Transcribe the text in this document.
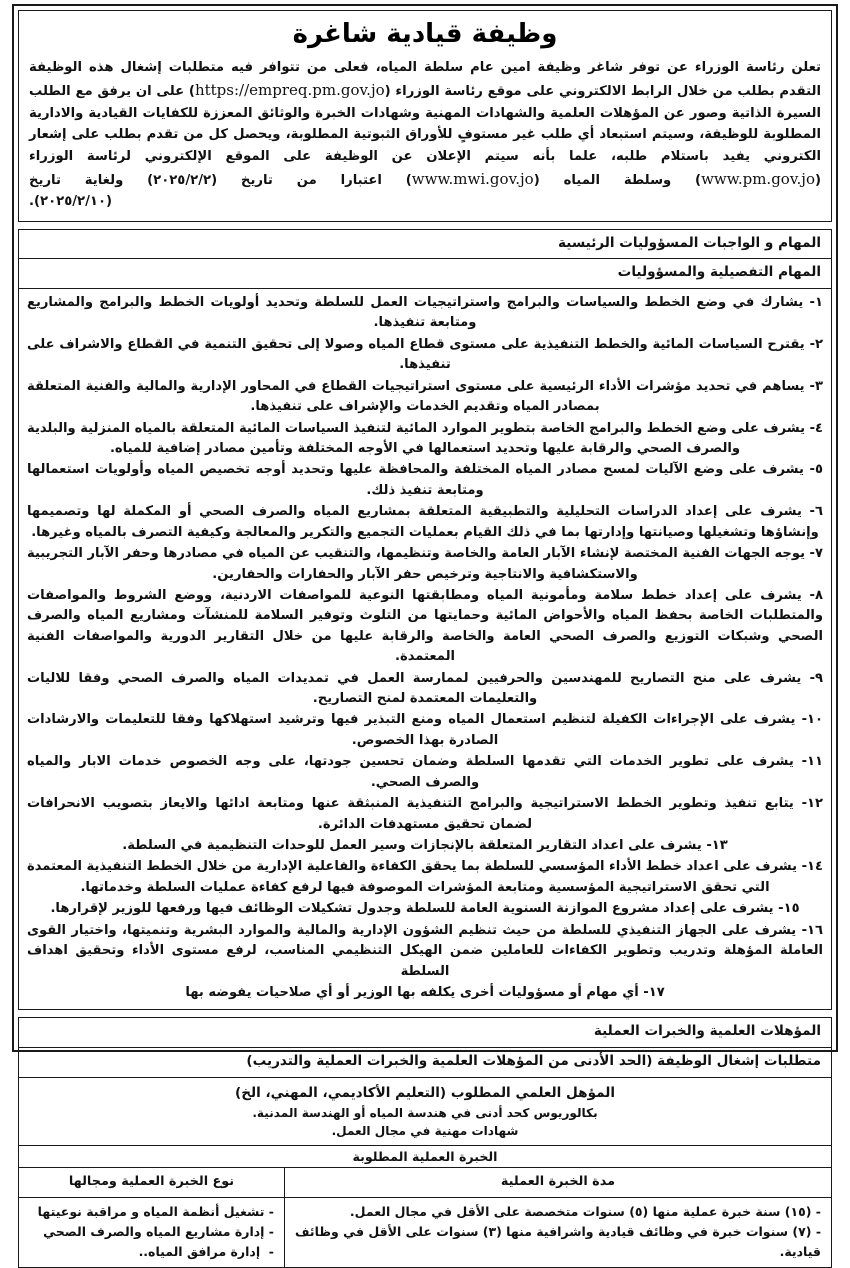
وظيفة قيادية شاغرة
تعلن رئاسة الوزراء عن توفر شاغر وظيفة امين عام سلطة المياه، فعلى من تتوافر فيه متطلبات إشغال هذه الوظيفة التقدم بطلب من خلال الرابط الالكتروني على موقع رئاسة الوزراء (https://empreq.pm.gov.jo) على ان يرفق مع الطلب السيرة الذاتية وصور عن المؤهلات العلمية والشهادات المهنية وشهادات الخبرة والوثائق المعززة للكفايات القيادية والادارية المطلوبة للوظيفة، وسيتم استبعاد أي طلب غير مستوفٍ للأوراق الثبوتية المطلوبة، ويحصل كل من تقدم بطلب على إشعار الكتروني يفيد باستلام طلبه، علما بأنه سيتم الإعلان عن الوظيفة على الموقع الإلكتروني لرئاسة الوزراء (www.pm.gov.jo) وسلطة المياه (www.mwi.gov.jo) اعتبارا من تاريخ (٢٠٢٥/٢/٢) ولغاية تاريخ
(٢٠٢٥/٢/١٠).
المهام و الواجبات المسؤوليات الرئيسية
المهام التفصيلية والمسؤوليات

١- يشارك في وضع الخطط والسياسات والبرامج واستراتيجيات العمل للسلطة وتحديد أولويات الخطط والبرامج والمشاريع ومتابعة تنفيذها.

٢- يقترح السياسات المائية والخطط التنفيذية على مستوى قطاع المياه وصولا إلى تحقيق التنمية في القطاع والاشراف على تنفيذها.

٣- يساهم في تحديد مؤشرات الأداء الرئيسية على مستوى استراتيجيات القطاع في المحاور الإدارية والمالية والفنية المتعلقة بمصادر المياه وتقديم الخدمات والإشراف على تنفيذها.

٤- يشرف على وضع الخطط والبرامج الخاصة بتطوير الموارد المائية لتنفيذ السياسات المائية المتعلقة بالمياه المنزلية والبلدية والصرف الصحي والرقابة عليها وتحديد استعمالها في الأوجه المختلفة وتأمين مصادر إضافية للمياه.

٥- يشرف على وضع الآليات لمسح مصادر المياه المختلفة والمحافظة عليها وتحديد أوجه تخصيص المياه وأولويات استعمالها ومتابعة تنفيذ ذلك.

٦- يشرف على إعداد الدراسات التحليلية والتطبيقية المتعلقة بمشاريع المياه والصرف الصحي أو المكملة لها وتصميمها وإنشاؤها وتشغيلها وصيانتها وإدارتها بما في ذلك القيام بعمليات التجميع والتكرير والمعالجة وكيفية التصرف بالمياه وغيرها.

٧- يوجه الجهات الفنية المختصة لإنشاء الآبار العامة والخاصة وتنظيمها، والتنقيب عن المياه في مصادرها وحفر الآبار التجريبية والاستكشافية والانتاجية وترخيص حفر الآبار والحفارات والحفارين.

٨- يشرف على إعداد خطط سلامة ومأمونية المياه ومطابقتها النوعية للمواصفات الاردنية، ووضع الشروط والمواصفات والمتطلبات الخاصة بحفظ المياه والأحواض المائية وحمايتها من التلوث وتوفير السلامة للمنشآت ومشاريع المياه والصرف الصحي وشبكات التوزيع والصرف الصحي العامة والخاصة والرقابة عليها من خلال التقارير الدورية والمواصفات الفنية المعتمدة.

٩- يشرف على منح التصاريح للمهندسين والحرفيين لممارسة العمل في تمديدات المياه والصرف الصحي وفقا للاليات والتعليمات المعتمدة لمنح التصاريح.

١٠- يشرف على الإجراءات الكفيلة لتنظيم استعمال المياه ومنع التبذير فيها وترشيد استهلاكها وفقا للتعليمات والارشادات الصادرة بهذا الخصوص.

١١- يشرف على تطوير الخدمات التي تقدمها السلطة وضمان تحسين جودتها، على وجه الخصوص خدمات الابار والمياه والصرف الصحي.

١٢- يتابع تنفيذ وتطوير الخطط الاستراتيجية والبرامج التنفيذية المنبثقة عنها ومتابعة ادائها والايعاز بتصويب الانحرافات لضمان تحقيق مستهدفات الدائرة.

١٣- يشرف على اعداد التقارير المتعلقة بالإنجازات وسير العمل للوحدات التنظيمية في السلطة.

١٤- يشرف على اعداد خطط الأداء المؤسسي للسلطة بما يحقق الكفاءة والفاعلية الإدارية من خلال الخطط التنفيذية المعتمدة التي تحقق الاستراتيجية المؤسسية ومتابعة المؤشرات الموصوفة فيها لرفع كفاءة عمليات السلطة وخدماتها.

١٥- يشرف على إعداد مشروع الموازنة السنوية العامة للسلطة وجدول تشكيلات الوظائف فيها ورفعها للوزير لإقرارها.

١٦- يشرف على الجهاز التنفيذي للسلطة من حيث تنظيم الشؤون الإدارية والمالية والموارد البشرية وتنميتها، واختيار القوى العاملة المؤهلة وتدريب وتطوير الكفاءات للعاملين ضمن الهيكل التنظيمي المناسب، لرفع مستوى الأداء وتحقيق اهداف السلطة

١٧- أي مهام أو مسؤوليات أخرى يكلفه بها الوزير أو أي صلاحيات يفوضه بها

المؤهلات العلمية والخبرات العملية
متطلبات إشغال الوظيفة (الحد الأدنى من المؤهلات العلمية والخبرات العملية والتدريب)
المؤهل العلمي المطلوب (التعليم الأكاديمي، المهني، الخ)
بكالوريوس كحد أدنى في هندسة المياه أو الهندسة المدنية.
شهادات مهنية في مجال العمل.
الخبرة العملية المطلوبة
مدة الخبرة العملية
نوع الخبرة العملية ومجالها
- (١٥) سنة خبرة عملية منها (٥) سنوات متخصصة على الأقل في مجال العمل.
- (٧) سنوات خبرة في وظائف قيادية واشرافية منها (٣) سنوات على الأقل في وظائف قيادية.
- تشغيل أنظمة المياه و مراقبة نوعيتها
- إدارة مشاريع المياه والصرف الصحي
-  إدارة مرافق المياه..
